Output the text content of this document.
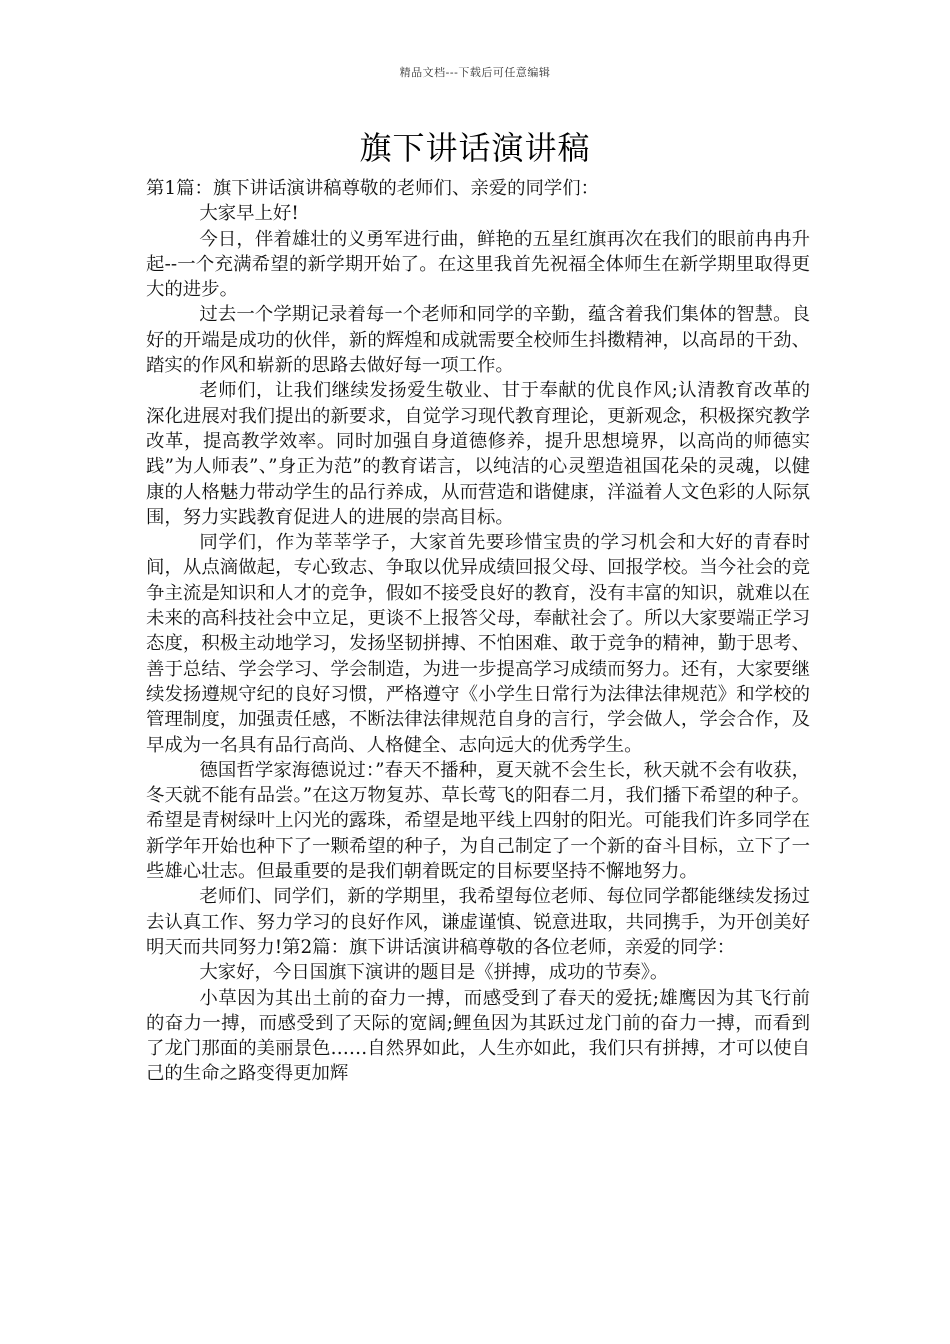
精品文档---下载后可任意编辑
旗下讲话演讲稿

第1篇：旗下讲话演讲稿尊敬的老师们、亲爱的同学们：

大家早上好!

今日，伴着雄壮的义勇军进行曲，鲜艳的五星红旗再次在我们的眼前冉冉升起--一个充满希望的新学期开始了。在这里我首先祝福全体师生在新学期里取得更大的进步。

过去一个学期记录着每一个老师和同学的辛勤，蕴含着我们集体的智慧。良好的开端是成功的伙伴，新的辉煌和成就需要全校师生抖擞精神，以高昂的干劲、踏实的作风和崭新的思路去做好每一项工作。

老师们，让我们继续发扬爱生敬业、甘于奉献的优良作风;认清教育改革的深化进展对我们提出的新要求，自觉学习现代教育理论，更新观念，积极探究教学改革，提高教学效率。同时加强自身道德修养，提升思想境界，以高尚的师德实践”为人师表”、”身正为范”的教育诺言，以纯洁的心灵塑造祖国花朵的灵魂，以健康的人格魅力带动学生的品行养成，从而营造和谐健康，洋溢着人文色彩的人际氛围，努力实践教育促进人的进展的崇高目标。

同学们，作为莘莘学子，大家首先要珍惜宝贵的学习机会和大好的青春时间，从点滴做起，专心致志、争取以优异成绩回报父母、回报学校。当今社会的竞争主流是知识和人才的竞争，假如不接受良好的教育，没有丰富的知识，就难以在未来的高科技社会中立足，更谈不上报答父母，奉献社会了。所以大家要端正学习态度，积极主动地学习，发扬坚韧拼搏、不怕困难、敢于竞争的精神，勤于思考、善于总结、学会学习、学会制造，为进一步提高学习成绩而努力。还有，大家要继续发扬遵规守纪的良好习惯，严格遵守《小学生日常行为法律法律规范》和学校的管理制度，加强责任感，不断法律法律规范自身的言行，学会做人，学会合作，及早成为一名具有品行高尚、人格健全、志向远大的优秀学生。

德国哲学家海德说过：”春天不播种，夏天就不会生长，秋天就不会有收获，冬天就不能有品尝。”在这万物复苏、草长莺飞的阳春二月，我们播下希望的种子。希望是青树绿叶上闪光的露珠，希望是地平线上四射的阳光。可能我们许多同学在新学年开始也种下了一颗希望的种子，为自己制定了一个新的奋斗目标，立下了一些雄心壮志。但最重要的是我们朝着既定的目标要坚持不懈地努力。

老师们、同学们，新的学期里，我希望每位老师、每位同学都能继续发扬过去认真工作、努力学习的良好作风，谦虚谨慎、锐意进取，共同携手，为开创美好明天而共同努力!第2篇：旗下讲话演讲稿尊敬的各位老师，亲爱的同学：

大家好，今日国旗下演讲的题目是《拼搏，成功的节奏》。

小草因为其出土前的奋力一搏，而感受到了春天的爱抚;雄鹰因为其飞行前的奋力一搏，而感受到了天际的宽阔;鲤鱼因为其跃过龙门前的奋力一搏，而看到了龙门那面的美丽景色……自然界如此，人生亦如此，我们只有拼搏，才可以使自己的生命之路变得更加辉
